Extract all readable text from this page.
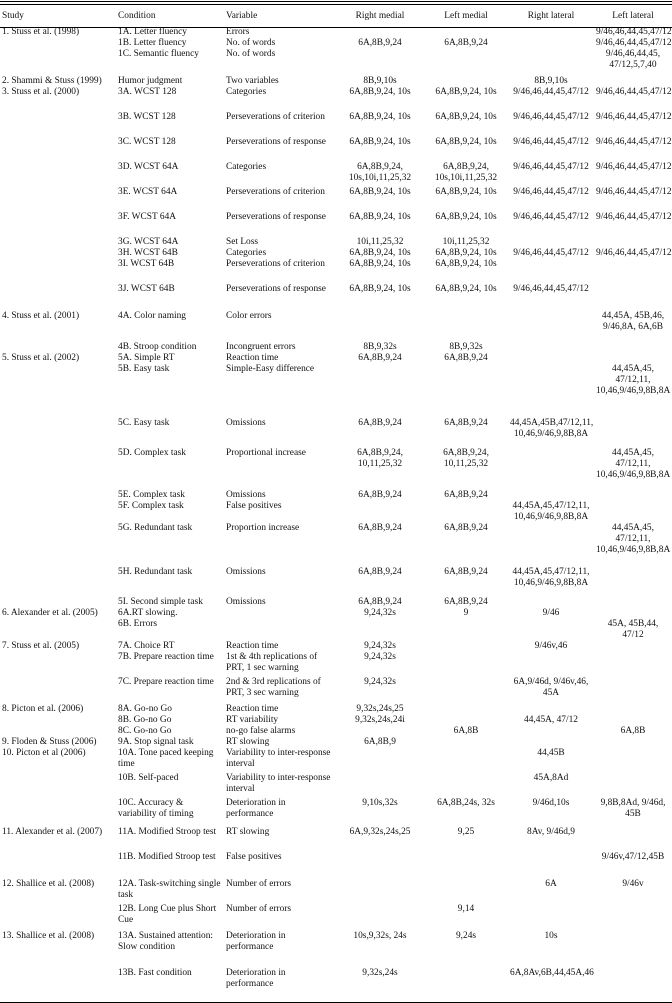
Study	Condition	Variable	Right medial	Left medial	Right lateral	Left lateral
1. Stuss et al. (1998)	1A. Letter fluency	Errors				9/46,46,44,45,47/12
	1B. Letter fluency	No. of words	6A,8B,9,24	6A,8B,9,24		9/46,46,44,45,47/12
	1C. Semantic fluency	No. of words				9/46,46,44,45, 47/12,5,7,40
2. Shammi & Stuss (1999)	Humor judgment	Two variables	8B,9,10s		8B,9,10s	
3. Stuss et al. (2000)	3A. WCST 128	Categories	6A,8B,9,24, 10s	6A,8B,9,24, 10s	9/46,46,44,45,47/12	9/46,46,44,45,47/12
	3B. WCST 128	Perseverations of criterion	6A,8B,9,24, 10s	6A,8B,9,24, 10s	9/46,46,44,45,47/12	9/46,46,44,45,47/12
	3C. WCST 128	Perseverations of response	6A,8B,9,24, 10s	6A,8B,9,24, 10s	9/46,46,44,45,47/12	9/46,46,44,45,47/12
	3D. WCST 64A	Categories	6A,8B,9,24, 10s,10i,11,25,32	6A,8B,9,24, 10s,10i,11,25,32	9/46,46,44,45,47/12	9/46,46,44,45,47/12
	3E. WCST 64A	Perseverations of criterion	6A,8B,9,24, 10s	6A,8B,9,24, 10s	9/46,46,44,45,47/12	9/46,46,44,45,47/12
	3F. WCST 64A	Perseverations of response	6A,8B,9,24, 10s	6A,8B,9,24, 10s	9/46,46,44,45,47/12	9/46,46,44,45,47/12
	3G. WCST 64A	Set Loss	10i,11,25,32	10i,11,25,32		
	3H. WCST 64B	Categories	6A,8B,9,24, 10s	6A,8B,9,24, 10s	9/46,46,44,45,47/12	9/46,46,44,45,47/12
	3I. WCST 64B	Perseverations of criterion	6A,8B,9,24, 10s	6A,8B,9,24, 10s		
	3J. WCST 64B	Perseverations of response	6A,8B,9,24, 10s	6A,8B,9,24, 10s	9/46,46,44,45,47/12	
4. Stuss et al. (2001)	4A. Color naming	Color errors				44,45A, 45B,46, 9/46,8A, 6A,6B
	4B. Stroop condition	Incongruent errors	8B,9,32s	8B,9,32s		
5. Stuss et al. (2002)	5A. Simple RT	Reaction time	6A,8B,9,24	6A,8B,9,24		
	5B. Easy task	Simple-Easy difference				44,45A,45, 47/12,11, 10,46,9/46,9,8B,8A
	5C. Easy task	Omissions	6A,8B,9,24	6A,8B,9,24	44,45A,45B,47/12,11, 10,46,9/46,9,8B,8A	
	5D. Complex task	Proportional increase	6A,8B,9,24, 10,11,25,32	6A,8B,9,24, 10,11,25,32		44,45A,45, 47/12,11, 10,46,9/46,9,8B,8A
	5E. Complex task	Omissions	6A,8B,9,24	6A,8B,9,24		
	5F. Complex task	False positives			44,45A,45,47/12,11, 10,46,9/46,9,8B,8A	
	5G. Redundant task	Proportion increase	6A,8B,9,24	6A,8B,9,24		44,45A,45, 47/12,11, 10,46,9/46,9,8B,8A
	5H. Redundant task	Omissions	6A,8B,9,24	6A,8B,9,24	44,45A,45,47/12,11, 10,46,9/46,9,8B,8A	
	5I. Second simple task	Omissions	6A,8B,9,24	6A,8B,9,24		
6. Alexander et al. (2005)	6A.RT slowing.		9,24,32s	9	9/46	
	6B. Errors					45A, 45B,44, 47/12
7. Stuss et al. (2005)	7A. Choice RT	Reaction time	9,24,32s		9/46v,46	
	7B. Prepare reaction time	1st & 4th replications of PRT, 1 sec warning	9,24,32s			
	7C. Prepare reaction time	2nd & 3rd replications of PRT, 3 sec warning	9,24,32s		6A,9/46d, 9/46v,46, 45A	
8. Picton et al. (2006)	8A. Go-no Go	Reaction time	9,32s,24s,25			
	8B. Go-no Go	RT variability	9,32s,24s,24i		44,45A, 47/12	
	8C. Go-no Go	no-go false alarms		6A,8B		6A,8B
9. Floden & Stuss (2006)	9A. Stop signal task	RT slowing	6A,8B,9			
10. Picton et al (2006)	10A. Tone paced keeping time	Variability to inter-response interval			44,45B	
	10B. Self-paced	Variability to inter-response interval			45A,8Ad	
	10C. Accuracy & variability of timing	Deterioration in performance	9,10s,32s	6A,8B,24s, 32s	9/46d,10s	9,8B,8Ad, 9/46d, 45B
11. Alexander et al. (2007)	11A. Modified Stroop test	RT slowing	6A,9,32s,24s,25	9,25	8Av, 9/46d,9	
	11B. Modified Stroop test	False positives				9/46v,47/12,45B
12. Shallice et al. (2008)	12A. Task-switching single task	Number of errors			6A	9/46v
	12B. Long Cue plus Short Cue	Number of errors		9,14		
13. Shallice et al. (2008)	13A. Sustained attention: Slow condition	Deterioration in performance	10s,9,32s, 24s	9,24s	10s	
	13B. Fast condition	Deterioration in performance	9,32s,24s		6A,8Av,6B,44,45A,46	
